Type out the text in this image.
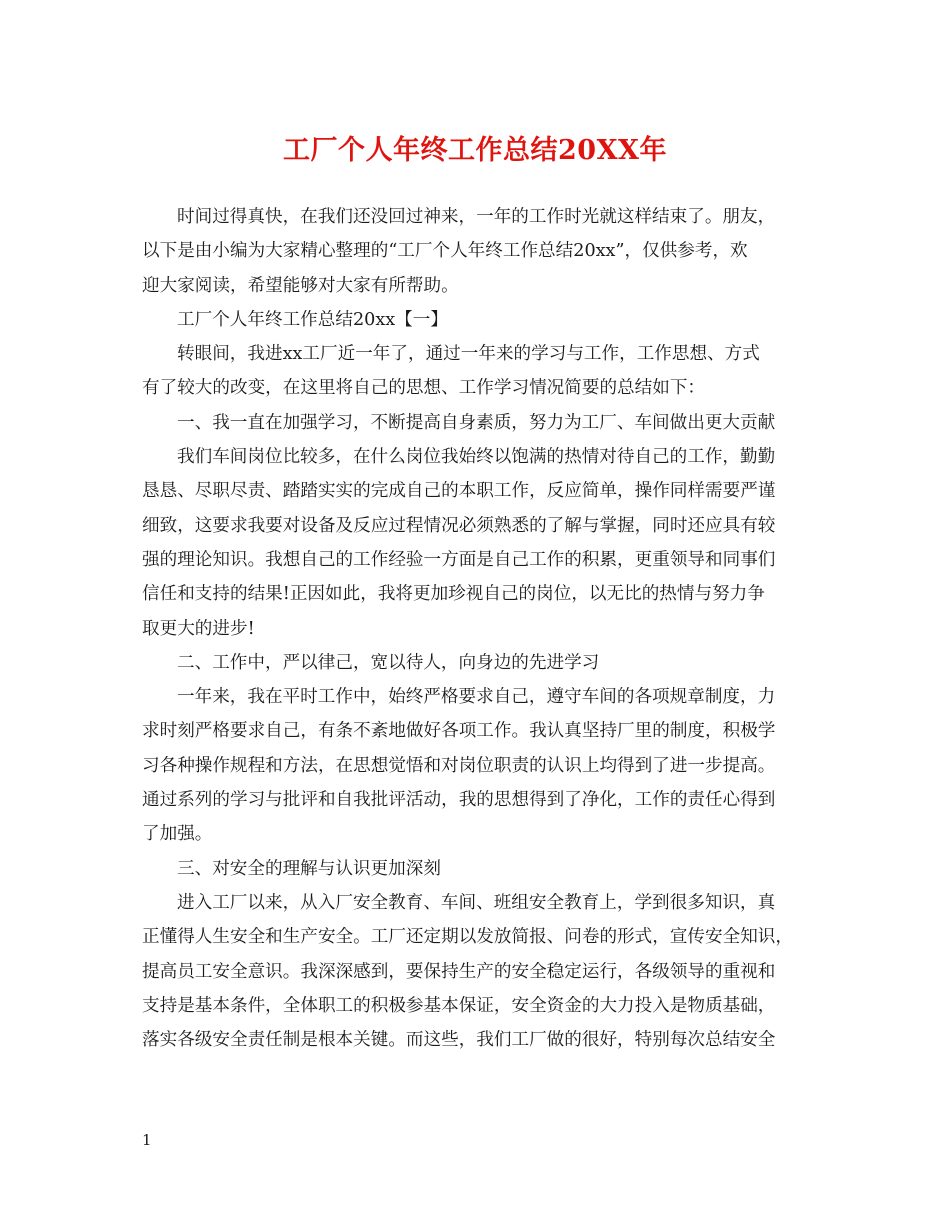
工厂个人年终工作总结20XX年

时间过得真快，在我们还没回过神来，一年的工作时光就这样结束了。朋友，

以下是由小编为大家精心整理的“工厂个人年终工作总结20xx”，仅供参考，欢

迎大家阅读，希望能够对大家有所帮助。

工厂个人年终工作总结20xx【一】

转眼间，我进xx工厂近一年了，通过一年来的学习与工作，工作思想、方式

有了较大的改变，在这里将自己的思想、工作学习情况简要的总结如下：

一、我一直在加强学习，不断提高自身素质，努力为工厂、车间做出更大贡献

我们车间岗位比较多，在什么岗位我始终以饱满的热情对待自己的工作，勤勤

恳恳、尽职尽责、踏踏实实的完成自己的本职工作，反应简单，操作同样需要严谨

细致，这要求我要对设备及反应过程情况必须熟悉的了解与掌握，同时还应具有较

强的理论知识。我想自己的工作经验一方面是自己工作的积累，更重领导和同事们

信任和支持的结果!正因如此，我将更加珍视自己的岗位，以无比的热情与努力争

取更大的进步!

二、工作中，严以律己，宽以待人，向身边的先进学习

一年来，我在平时工作中，始终严格要求自己，遵守车间的各项规章制度，力

求时刻严格要求自己，有条不紊地做好各项工作。我认真坚持厂里的制度，积极学

习各种操作规程和方法，在思想觉悟和对岗位职责的认识上均得到了进一步提高。

通过系列的学习与批评和自我批评活动，我的思想得到了净化，工作的责任心得到

了加强。

三、对安全的理解与认识更加深刻

进入工厂以来，从入厂安全教育、车间、班组安全教育上，学到很多知识，真

正懂得人生安全和生产安全。工厂还定期以发放简报、问卷的形式，宣传安全知识，

提高员工安全意识。我深深感到，要保持生产的安全稳定运行，各级领导的重视和

支持是基本条件，全体职工的积极参基本保证，安全资金的大力投入是物质基础，

落实各级安全责任制是根本关键。而这些，我们工厂做的很好，特别每次总结安全

1
